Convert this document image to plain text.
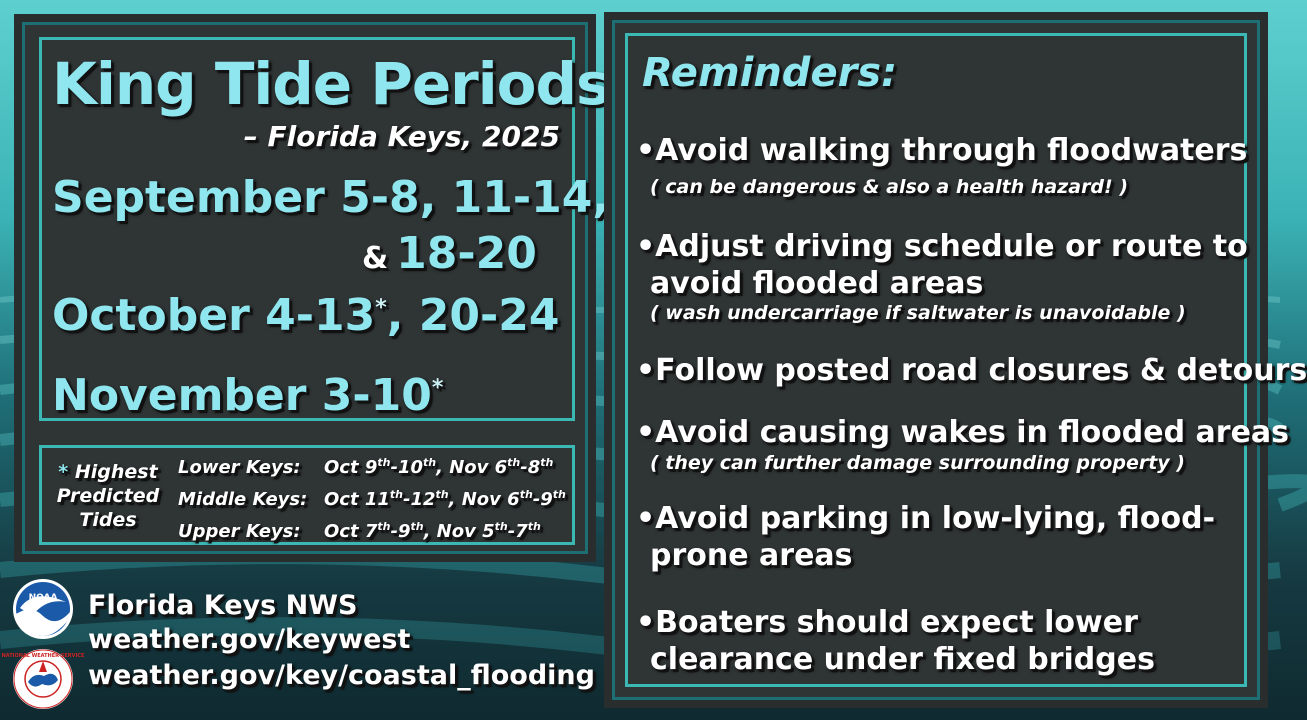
King Tide Periods
– Florida Keys, 2025
September 5-8, 11-14,
& 18-20
October 4-13*, 20-24
November 3-10*
* Highest Predicted Tides
Lower Keys: Oct 9th-10th, Nov 6th-8th
Middle Keys: Oct 11th-12th, Nov 6th-9th
Upper Keys: Oct 7th-9th, Nov 5th-7th
NOAA
NATIONAL WEATHER SERVICE
Florida Keys NWS
weather.gov/keywest
weather.gov/key/coastal_flooding
Reminders:
•Avoid walking through floodwaters
( can be dangerous & also a health hazard! )
•Adjust driving schedule or route to
avoid flooded areas
( wash undercarriage if saltwater is unavoidable )
•Follow posted road closures & detours
•Avoid causing wakes in flooded areas
( they can further damage surrounding property )
•Avoid parking in low-lying, flood-
prone areas
•Boaters should expect lower
clearance under fixed bridges
